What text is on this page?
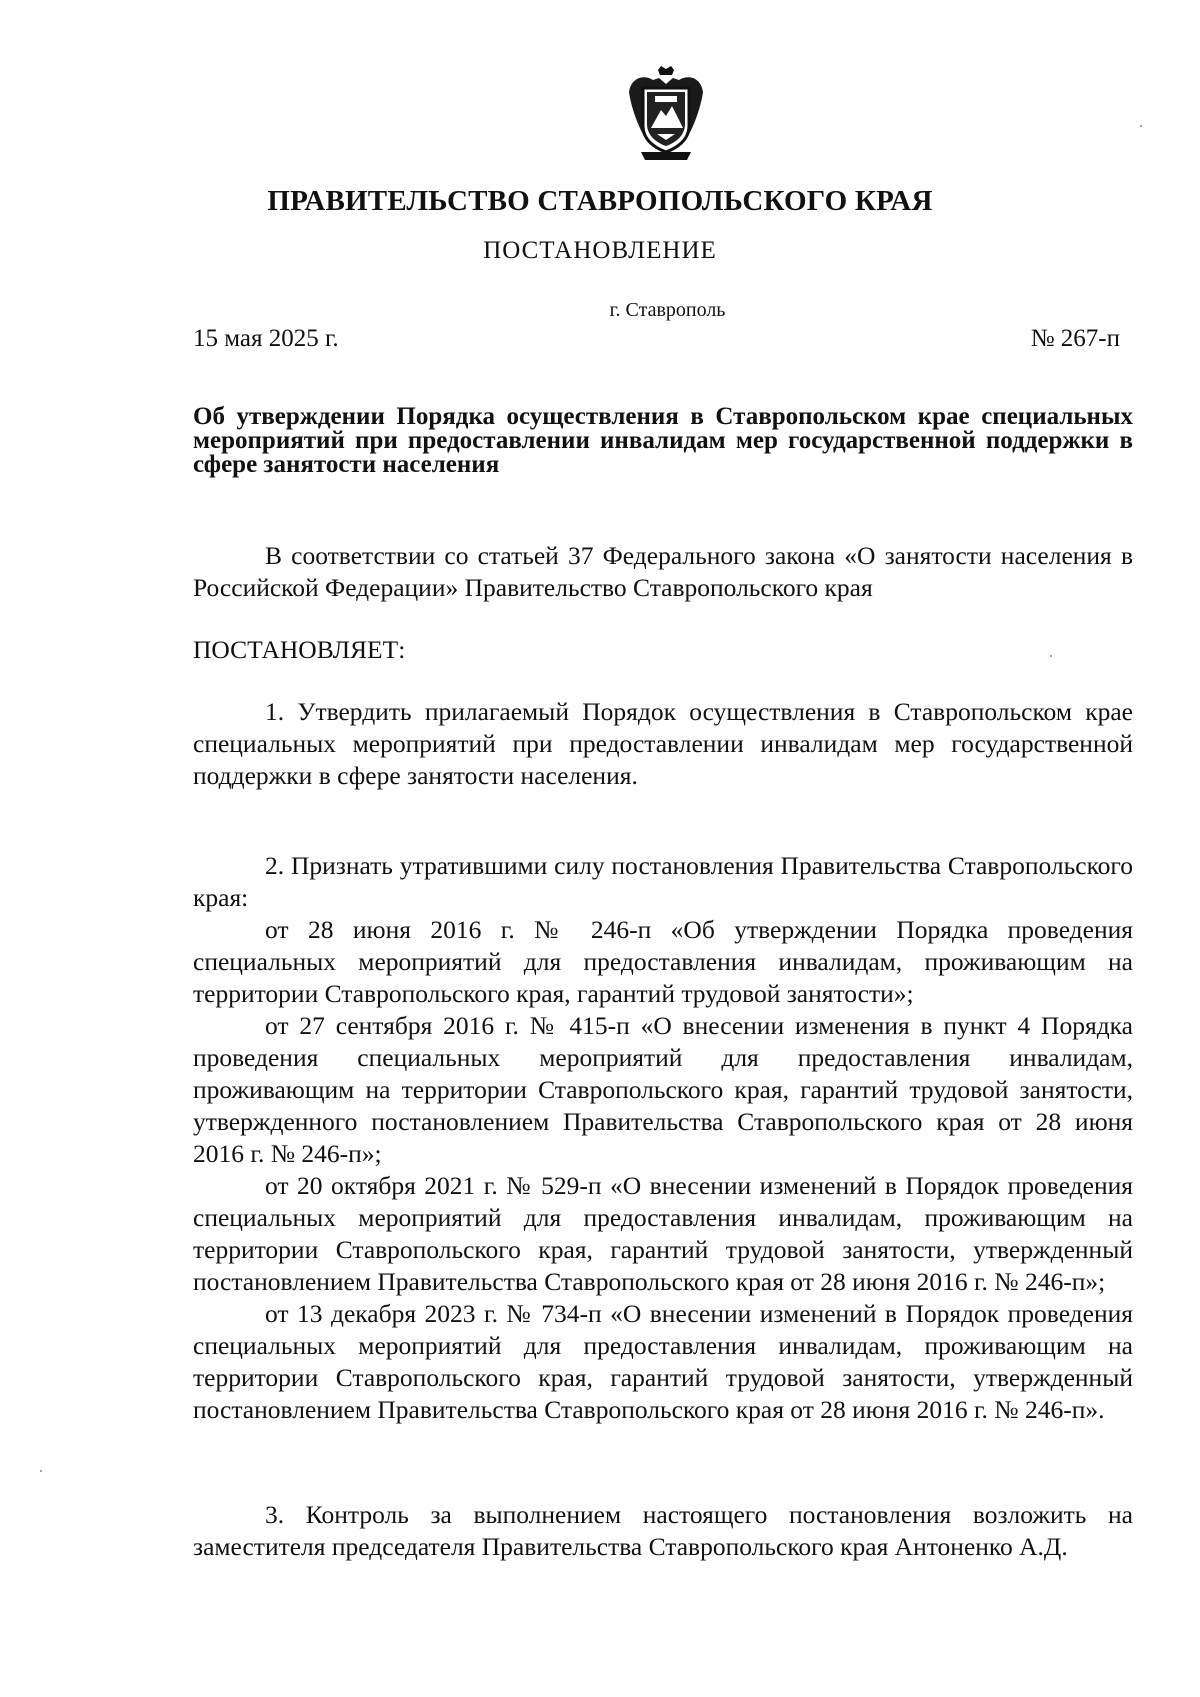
ПРАВИТЕЛЬСТВО СТАВРОПОЛЬСКОГО КРАЯ
ПОСТАНОВЛЕНИЕ
г. Ставрополь
15 мая 2025 г.	№ 267-п
Об утверждении Порядка осуществления в Ставропольском крае специальных мероприятий при предоставлении инвалидам мер государственной поддержки в сфере занятости населения

В соответствии со статьей 37 Федерального закона «О занятости населения в Российской Федерации» Правительство Ставропольского края

ПОСТАНОВЛЯЕТ:

1. Утвердить прилагаемый Порядок осуществления в Ставропольском крае специальных мероприятий при предоставлении инвалидам мер государственной поддержки в сфере занятости населения.

2. Признать утратившими силу постановления Правительства Ставропольского края:

от 28 июня 2016 г. № 246-п «Об утверждении Порядка проведения специальных мероприятий для предоставления инвалидам, проживающим на территории Ставропольского края, гарантий трудовой занятости»;

от 27 сентября 2016 г. № 415-п «О внесении изменения в пункт 4 Порядка проведения специальных мероприятий для предоставления инвалидам, проживающим на территории Ставропольского края, гарантий трудовой занятости, утвержденного постановлением Правительства Ставропольского края от 28 июня 2016 г. № 246-п»;

от 20 октября 2021 г. № 529-п «О внесении изменений в Порядок проведения специальных мероприятий для предоставления инвалидам, проживающим на территории Ставропольского края, гарантий трудовой занятости, утвержденный постановлением Правительства Ставропольского края от 28 июня 2016 г. № 246-п»;

от 13 декабря 2023 г. № 734-п «О внесении изменений в Порядок проведения специальных мероприятий для предоставления инвалидам, проживающим на территории Ставропольского края, гарантий трудовой занятости, утвержденный постановлением Правительства Ставропольского края от 28 июня 2016 г. № 246-п».

3. Контроль за выполнением настоящего постановления возложить на заместителя председателя Правительства Ставропольского края Антоненко А.Д.
